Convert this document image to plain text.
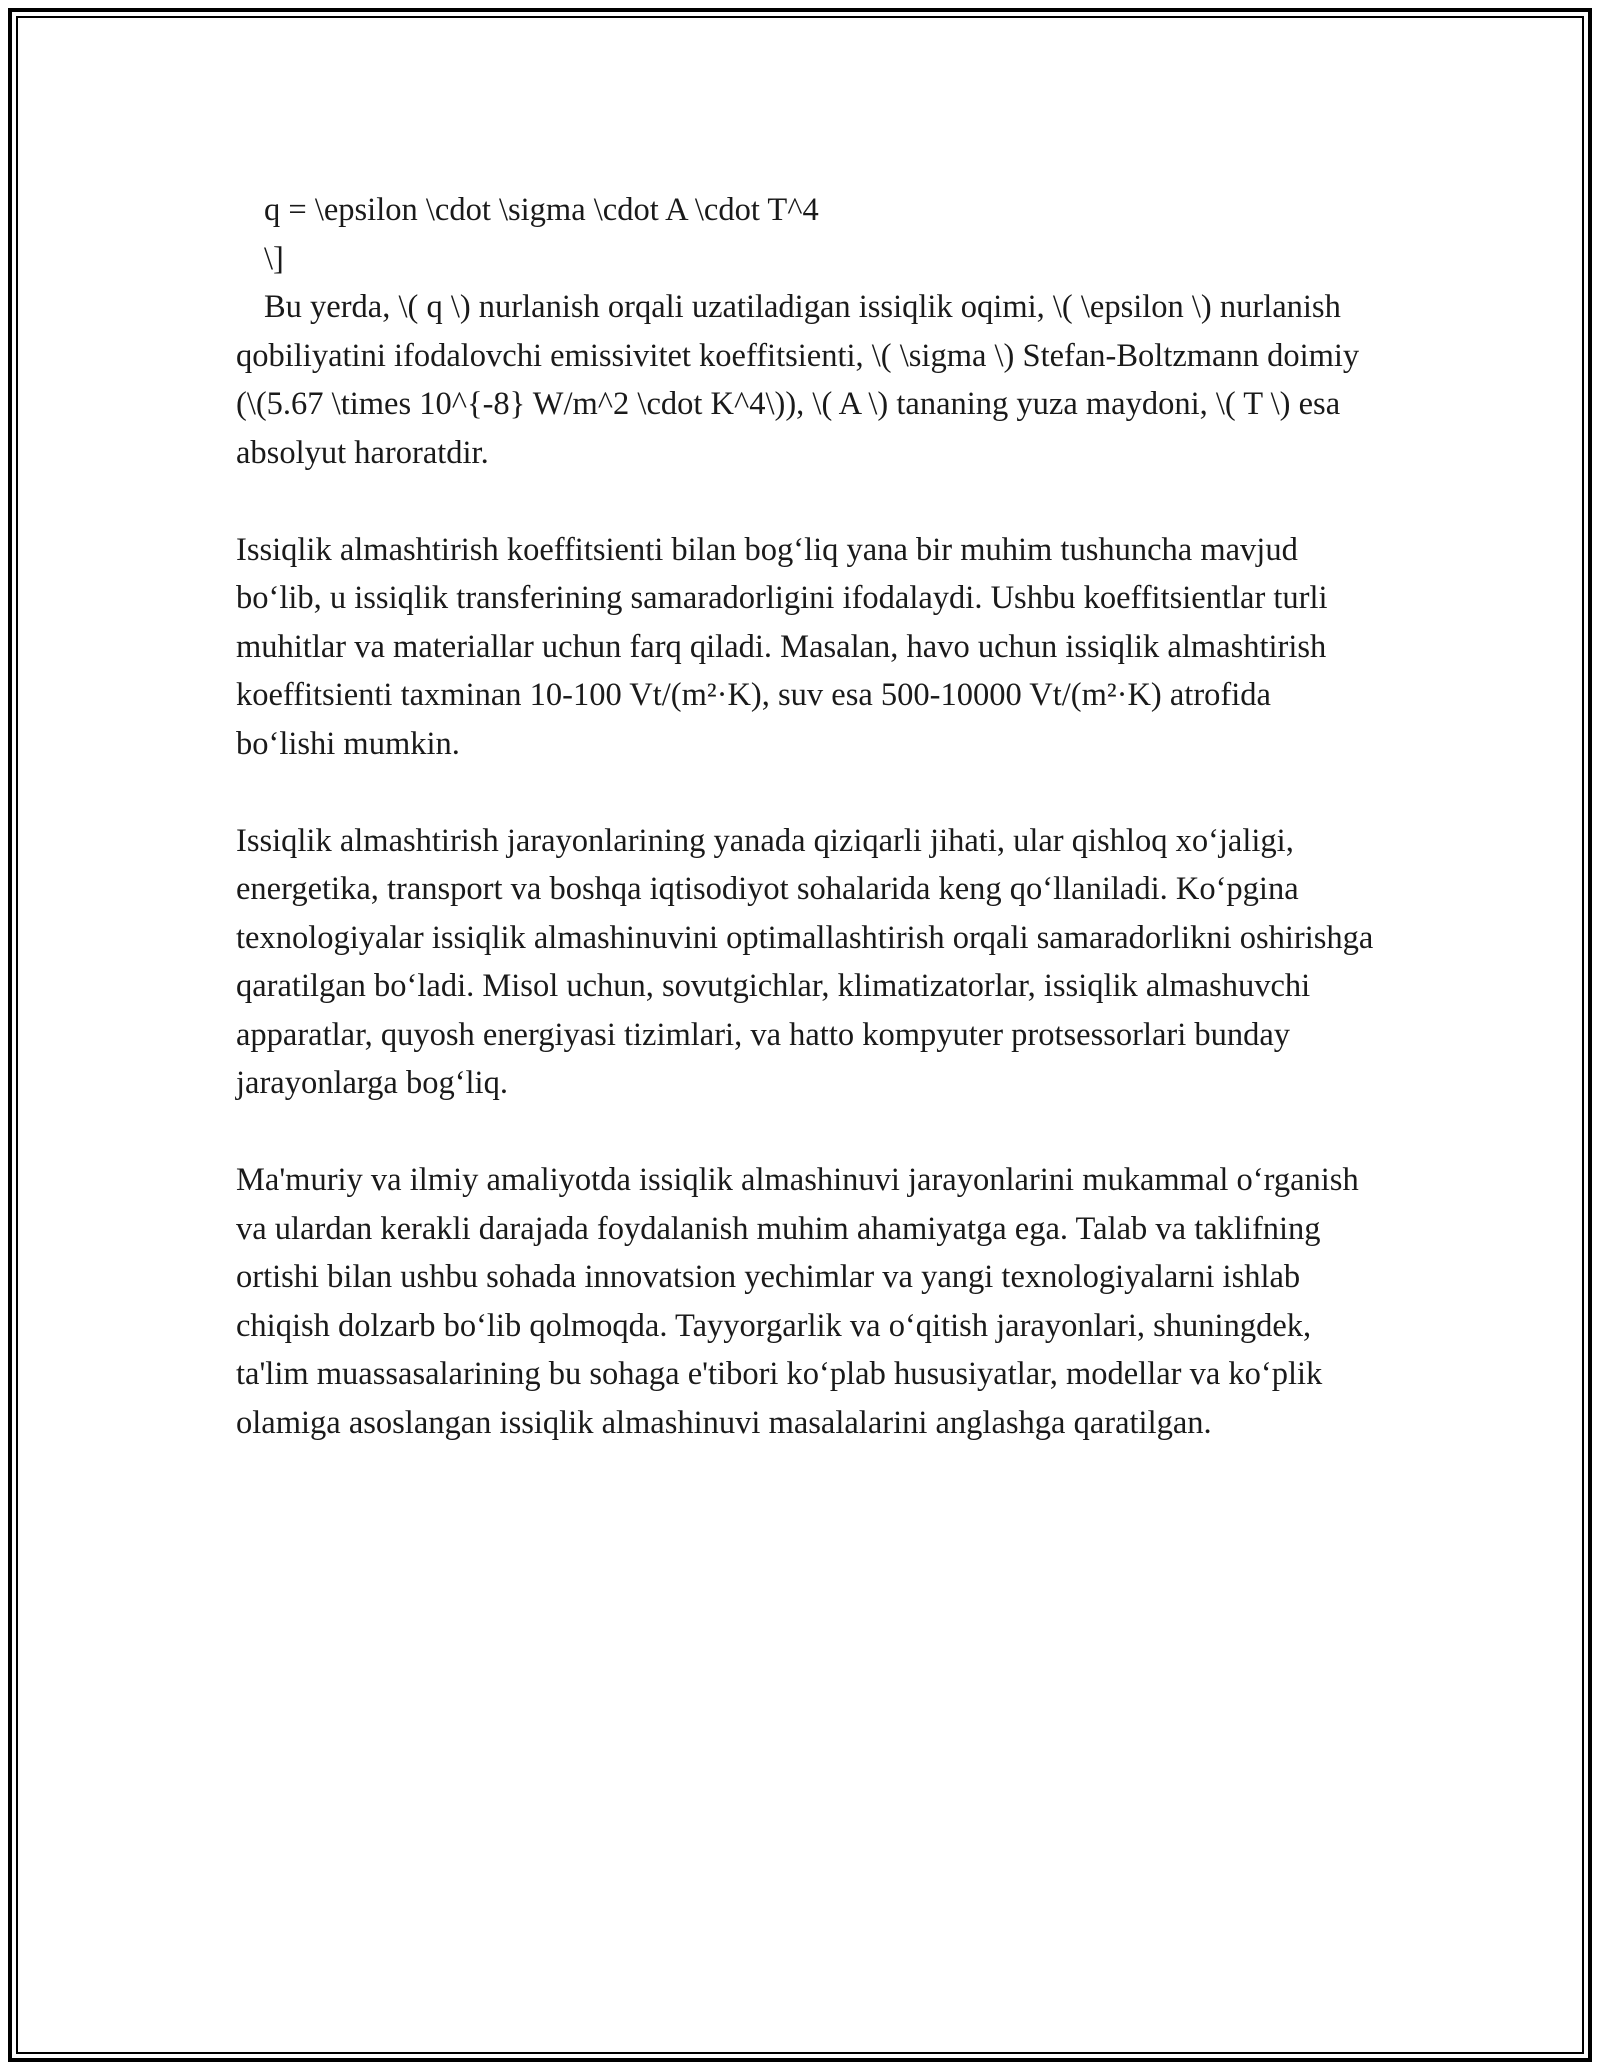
q = \epsilon \cdot \sigma \cdot A \cdot T^4

\]

Bu yerda, \( q \) nurlanish orqali uzatiladigan issiqlik oqimi, \( \epsilon \) nurlanish qobiliyatini ifodalovchi emissivitet koeffitsienti, \( \sigma \) Stefan-Boltzmann doimiy (\(5.67 \times 10^{-8} W/m^2 \cdot K^4\)), \( A \) tananing yuza maydoni, \( T \) esa absolyut haroratdir.

Issiqlik almashtirish koeffitsienti bilan bog‘liq yana bir muhim tushuncha mavjud bo‘lib, u issiqlik transferining samaradorligini ifodalaydi. Ushbu koeffitsientlar turli muhitlar va materiallar uchun farq qiladi. Masalan, havo uchun issiqlik almashtirish koeffitsienti taxminan 10-100 Vt/(m²·K), suv esa 500-10000 Vt/(m²·K) atrofida bo‘lishi mumkin.

Issiqlik almashtirish jarayonlarining yanada qiziqarli jihati, ular qishloq xo‘jaligi, energetika, transport va boshqa iqtisodiyot sohalarida keng qo‘llaniladi. Ko‘pgina texnologiyalar issiqlik almashinuvini optimallashtirish orqali samaradorlikni oshirishga qaratilgan bo‘ladi. Misol uchun, sovutgichlar, klimatizatorlar, issiqlik almashuvchi apparatlar, quyosh energiyasi tizimlari, va hatto kompyuter protsessorlari bunday jarayonlarga bog‘liq.

Ma'muriy va ilmiy amaliyotda issiqlik almashinuvi jarayonlarini mukammal o‘rganish va ulardan kerakli darajada foydalanish muhim ahamiyatga ega. Talab va taklifning ortishi bilan ushbu sohada innovatsion yechimlar va yangi texnologiyalarni ishlab chiqish dolzarb bo‘lib qolmoqda. Tayyorgarlik va o‘qitish jarayonlari, shuningdek, ta'lim muassasalarining bu sohaga e'tibori ko‘plab hususiyatlar, modellar va ko‘plik olamiga asoslangan issiqlik almashinuvi masalalarini anglashga qaratilgan.
